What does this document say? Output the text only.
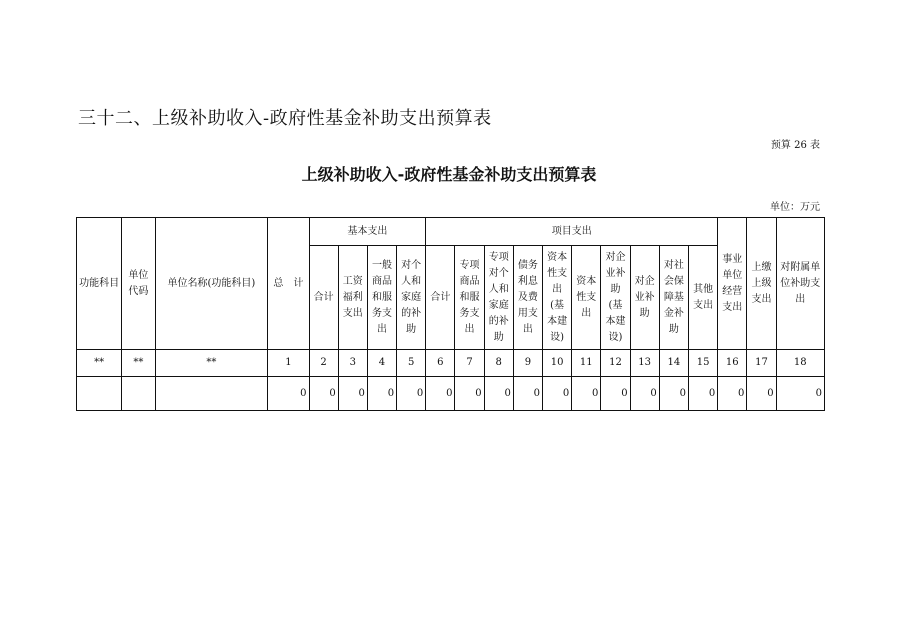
三十二、上级补助收入-政府性基金补助支出预算表
预算 26 表
上级补助收入-政府性基金补助支出预算表
单位：万元
功能科目	单位代码	单位名称(功能科目)	总　计	基本支出				项目支出										事业单位经营支出	上缴上级支出	对附属单位补助支出

				合计	工资福利支出	一般商品和服务支出	对个人和家庭的补助	合计	专项商品和服务支出	专项对个人和家庭的补助	债务利息及费用支出	资本性支出(基本建设)	资本性支出	对企业补助(基本建设)	对企业补助	对社会保障基金补助	其他支出			

**	**	**	1	2	3	4	5	6	7	8	9	10	11	12	13	14	15	16	17	18
			0	0	0	0	0	0	0	0	0	0	0	0	0	0	0	0	0	0
